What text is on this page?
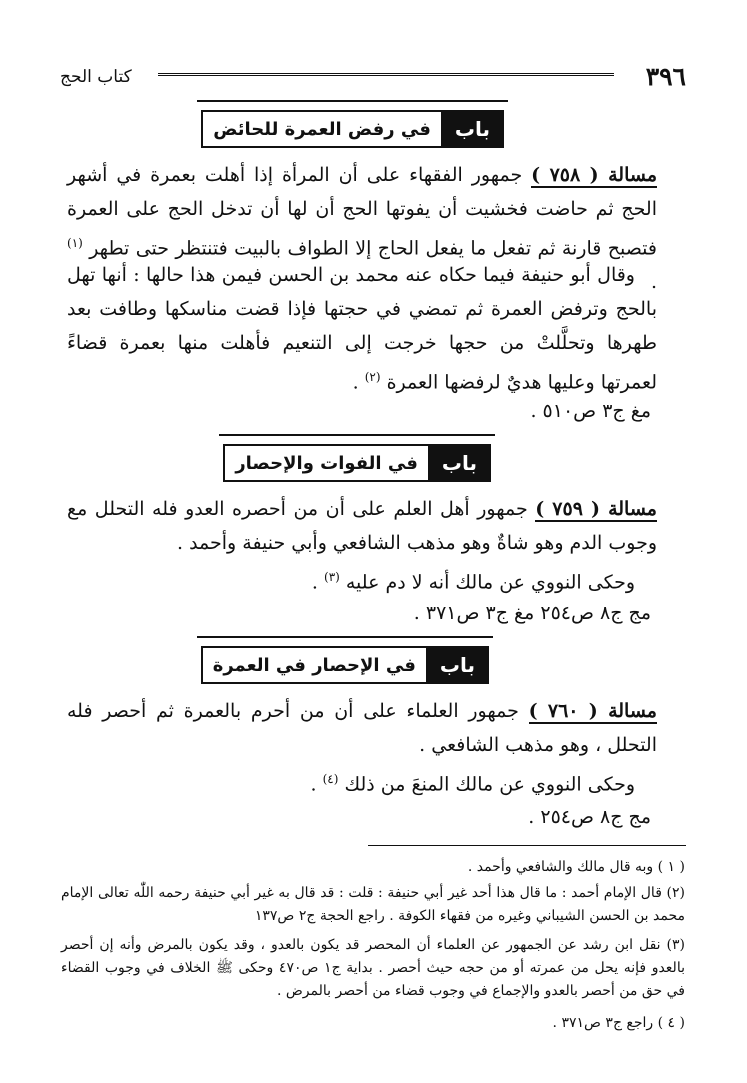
٣٩٦
كتاب الحج
باب
في رفض العمرة للحائض
مسالة ( ٧٥٨ ) جمهور الفقهاء على أن المرأة إذا أهلت بعمرة في أشهر الحج ثم حاضت فخشيت أن يفوتها الحج أن لها أن تدخل الحج على العمرة فتصبح قارنة ثم تفعل ما يفعل الحاج إلا الطواف بالبيت فتنتظر حتى تطهر $^{(١)}$ .
وقال أبو حنيفة فيما حكاه عنه محمد بن الحسن فيمن هذا حالها : أنها تهل بالحج وترفض العمرة ثم تمضي في حجتها فإذا قضت مناسكها وطافت بعد طهرها وتحلَّلتْ من حجها خرجت إلى التنعيم فأهلت منها بعمرة قضاءً لعمرتها وعليها هديٌ لرفضها العمرة $^{(٢)}$ .
مغ ج٣ ص٥١٠ .
باب
في الفوات والإحصار
مسالة ( ٧٥٩ ) جمهور أهل العلم على أن من أحصره العدو فله التحلل مع وجوب الدم وهو شاةٌ وهو مذهب الشافعي وأبي حنيفة وأحمد .
وحكى النووي عن مالك أنه لا دم عليه $^{(٣)}$ .
مج ج٨ ص٢٥٤ مغ ج٣ ص٣٧١ .
باب
في الإحصار في العمرة
مسالة ( ٧٦٠ ) جمهور العلماء على أن من أحرم بالعمرة ثم أحصر فله التحلل ، وهو مذهب الشافعي .
وحكى النووي عن مالك المنعَ من ذلك $^{(٤)}$ .
مج ج٨ ص٢٥٤ .
( ١ ) وبه قال مالك والشافعي وأحمد .
(٢) قال الإمام أحمد : ما قال هذا أحد غير أبي حنيفة : قلت : قد قال به غير أبي حنيفة رحمه اللّٰه تعالى الإمام محمد بن الحسن الشيباني وغيره من فقهاء الكوفة . راجع الحجة ج٢ ص١٣٧
(٣) نقل ابن رشد عن الجمهور عن العلماء أن المحصر قد يكون بالعدو ، وقد يكون بالمرض وأنه إن أحصر بالعدو فإنه يحل من عمرته أو من حجه حيث أحصر . بداية ج١ ص٤٧٠ وحكى ﷺ الخلاف في وجوب القضاء في حق من أحصر بالعدو والإجماع في وجوب قضاء من أحصر بالمرض .
( ٤ ) راجع ج٣ ص٣٧١ .
